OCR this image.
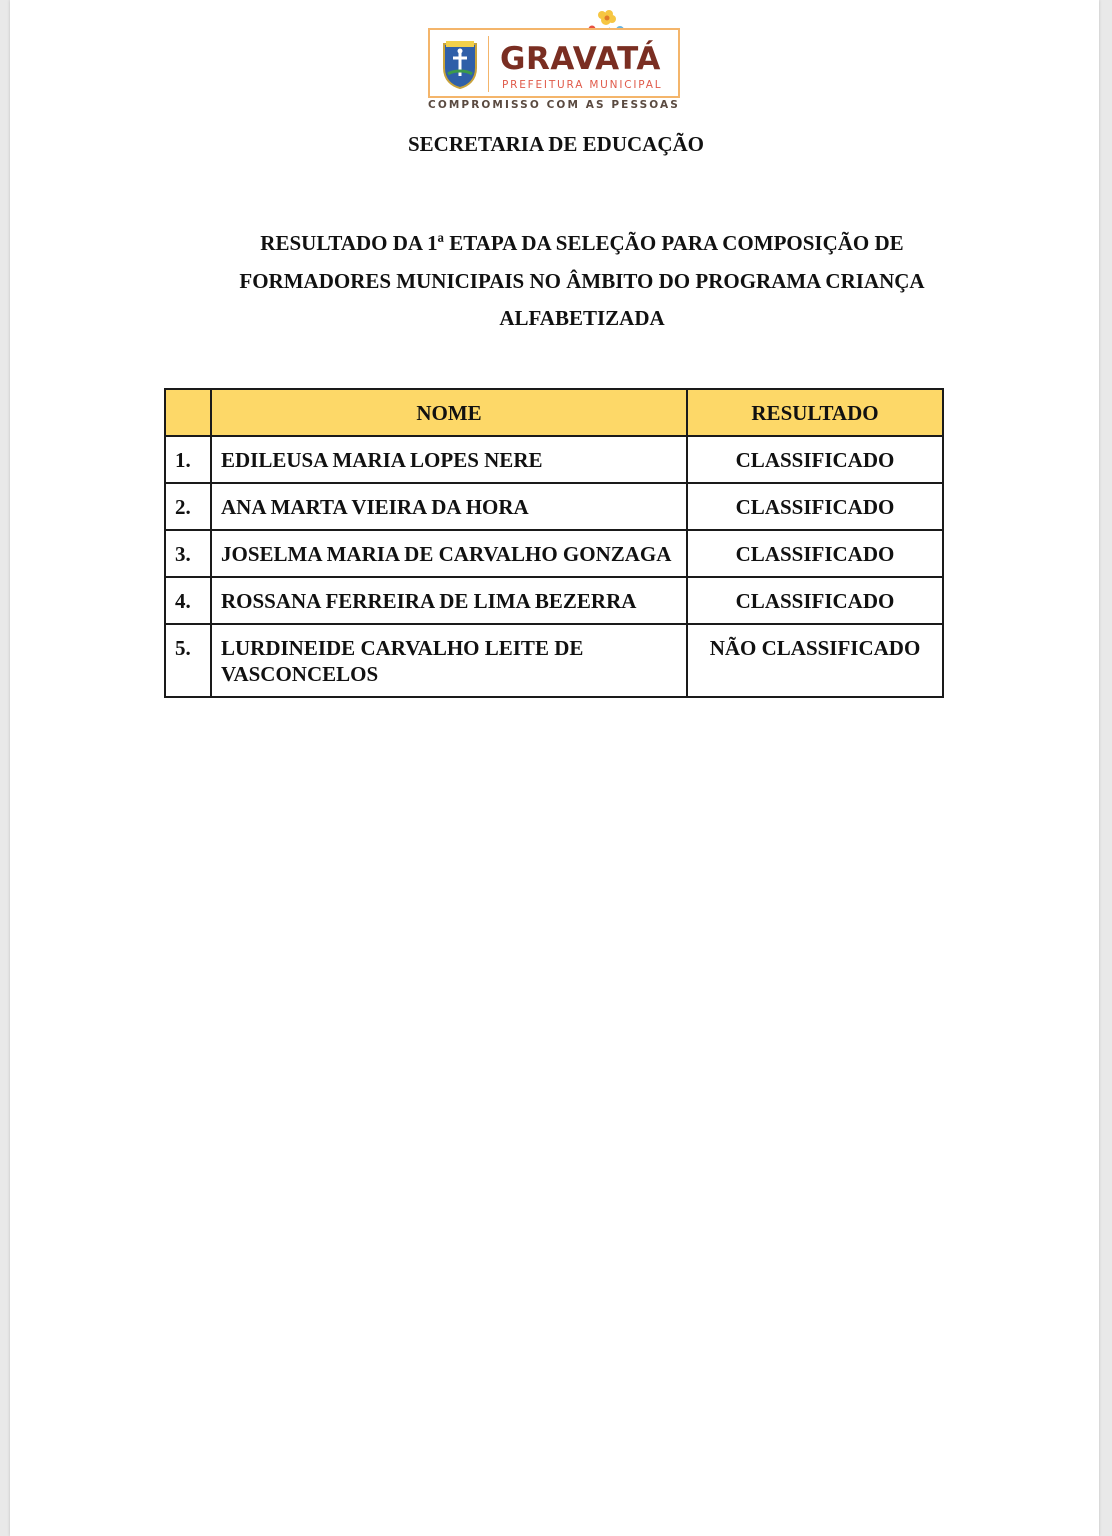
GRAVATÁ
PREFEITURA MUNICIPAL
COMPROMISSO COM AS PESSOAS
SECRETARIA DE EDUCAÇÃO
RESULTADO DA 1ª ETAPA DA SELEÇÃO PARA COMPOSIÇÃO DE
FORMADORES MUNICIPAIS NO ÂMBITO DO PROGRAMA CRIANÇA
ALFABETIZADA
	NOME	RESULTADO
1.	EDILEUSA MARIA LOPES NERE	CLASSIFICADO
2.	ANA MARTA VIEIRA DA HORA	CLASSIFICADO
3.	JOSELMA MARIA DE CARVALHO GONZAGA	CLASSIFICADO
4.	ROSSANA FERREIRA DE LIMA BEZERRA	CLASSIFICADO
5.	LURDINEIDE CARVALHO LEITE DE VASCONCELOS	NÃO CLASSIFICADO
